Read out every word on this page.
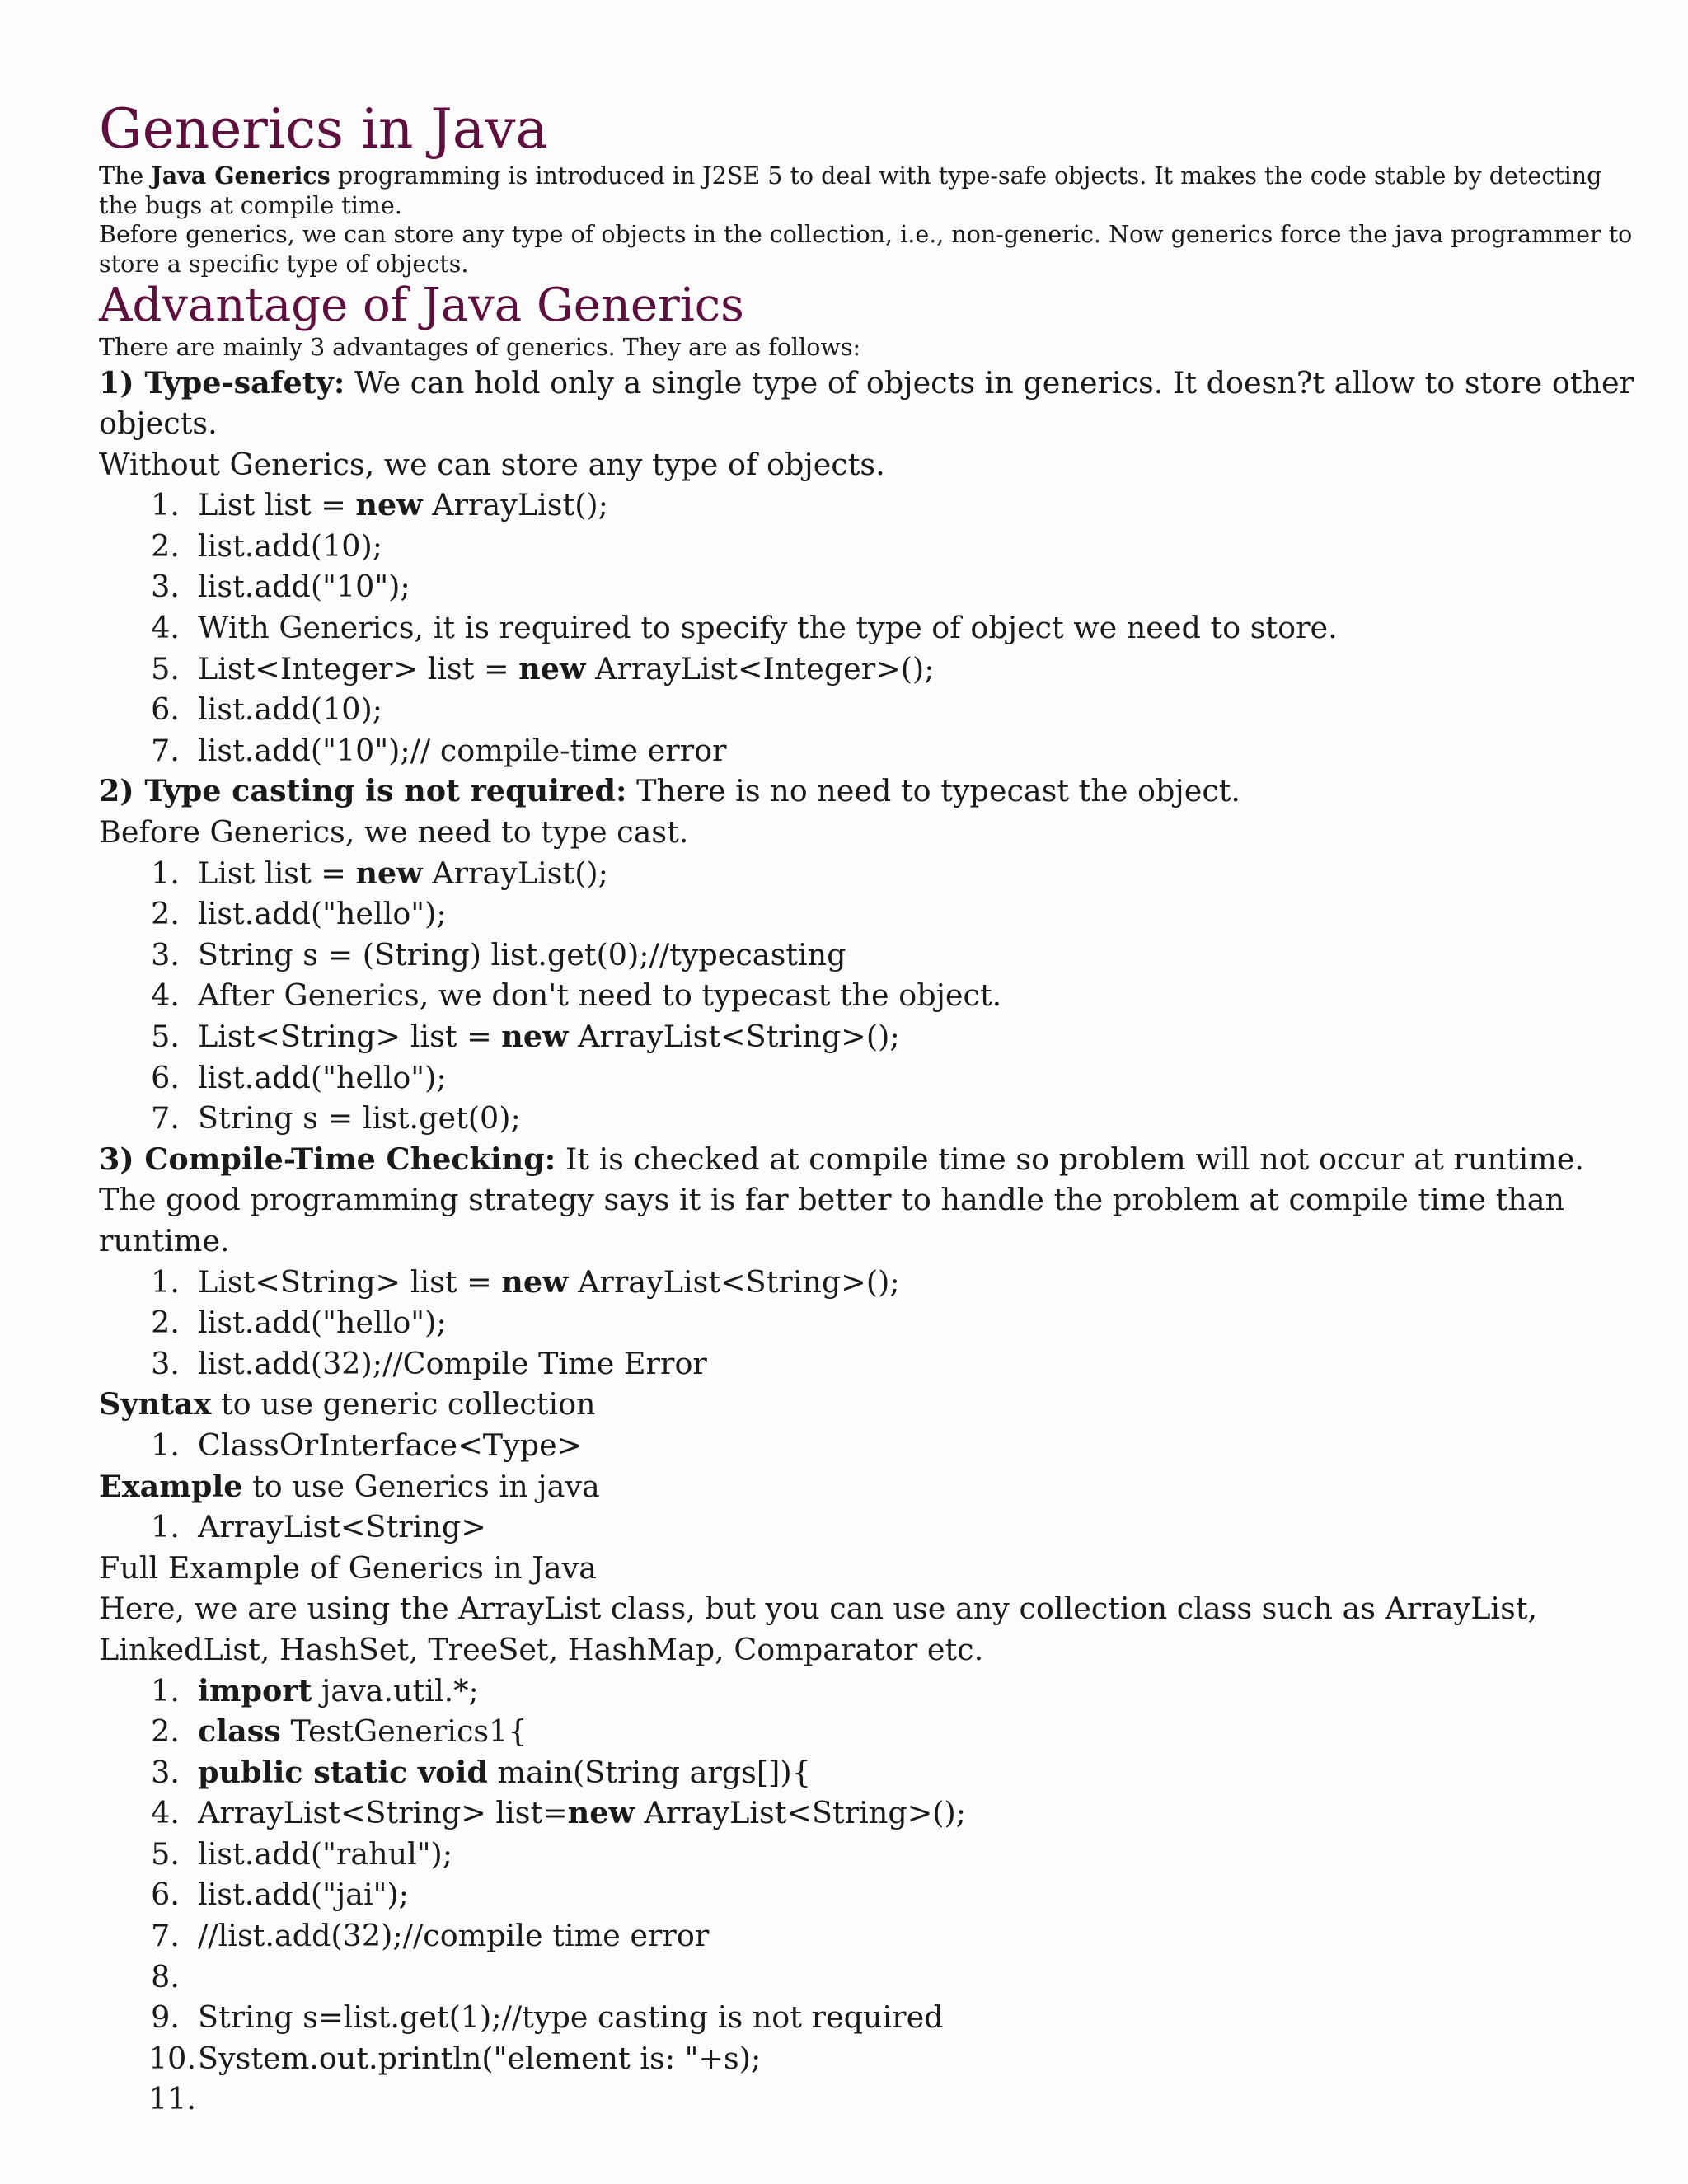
Generics in Java

The Java Generics programming is introduced in J2SE 5 to deal with type-safe objects. It makes the code stable by detecting the bugs at compile time.

Before generics, we can store any type of objects in the collection, i.e., non-generic. Now generics force the java programmer to store a specific type of objects.

Advantage of Java Generics

There are mainly 3 advantages of generics. They are as follows:

1) Type-safety: We can hold only a single type of objects in generics. It doesn?t allow to store other objects.

Without Generics, we can store any type of objects.

1. List list = new ArrayList();
2. list.add(10);
3. list.add("10");
4. With Generics, it is required to specify the type of object we need to store.
5. List<Integer> list = new ArrayList<Integer>();
6. list.add(10);
7. list.add("10");// compile-time error

2) Type casting is not required: There is no need to typecast the object.

Before Generics, we need to type cast.

1. List list = new ArrayList();
2. list.add("hello");
3. String s = (String) list.get(0);//typecasting
4. After Generics, we don't need to typecast the object.
5. List<String> list = new ArrayList<String>();
6. list.add("hello");
7. String s = list.get(0);

3) Compile-Time Checking: It is checked at compile time so problem will not occur at runtime. The good programming strategy says it is far better to handle the problem at compile time than runtime.

1. List<String> list = new ArrayList<String>();
2. list.add("hello");
3. list.add(32);//Compile Time Error

Syntax to use generic collection

1. ClassOrInterface<Type>

Example to use Generics in java

1. ArrayList<String>

Full Example of Generics in Java

Here, we are using the ArrayList class, but you can use any collection class such as ArrayList, LinkedList, HashSet, TreeSet, HashMap, Comparator etc.

1. import java.util.*;
2. class TestGenerics1{
3. public static void main(String args[]){
4. ArrayList<String> list=new ArrayList<String>();
5. list.add("rahul");
6. list.add("jai");
7. //list.add(32);//compile time error
8.
9. String s=list.get(1);//type casting is not required
10. System.out.println("element is: "+s);
11.
